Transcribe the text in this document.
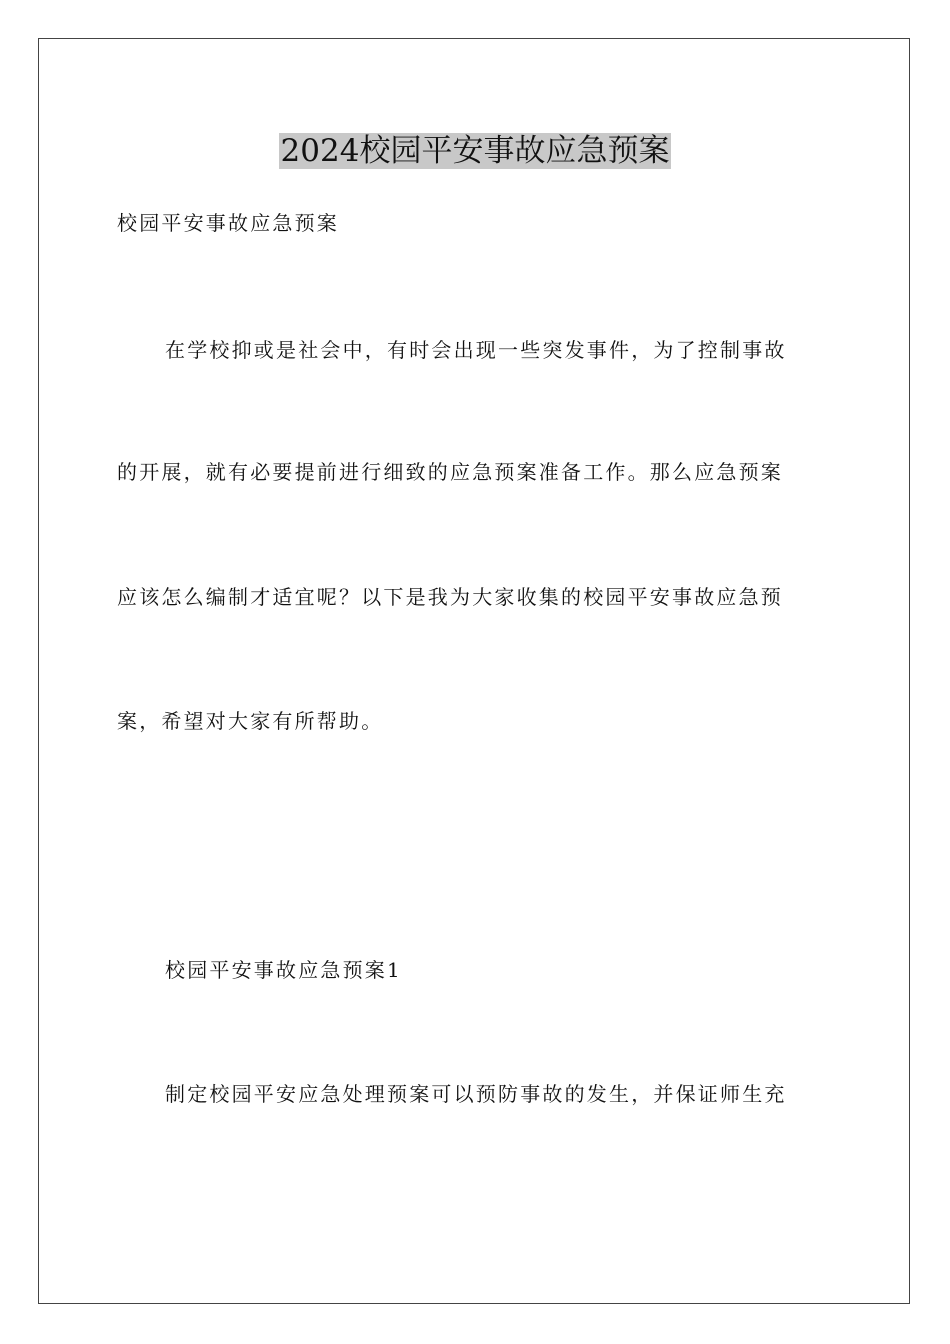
2024校园平安事故应急预案
校园平安事故应急预案
在学校抑或是社会中，有时会出现一些突发事件，为了控制事故
的开展，就有必要提前进行细致的应急预案准备工作。那么应急预案
应该怎么编制才适宜呢？以下是我为大家收集的校园平安事故应急预
案，希望对大家有所帮助。
校园平安事故应急预案1
制定校园平安应急处理预案可以预防事故的发生，并保证师生充
